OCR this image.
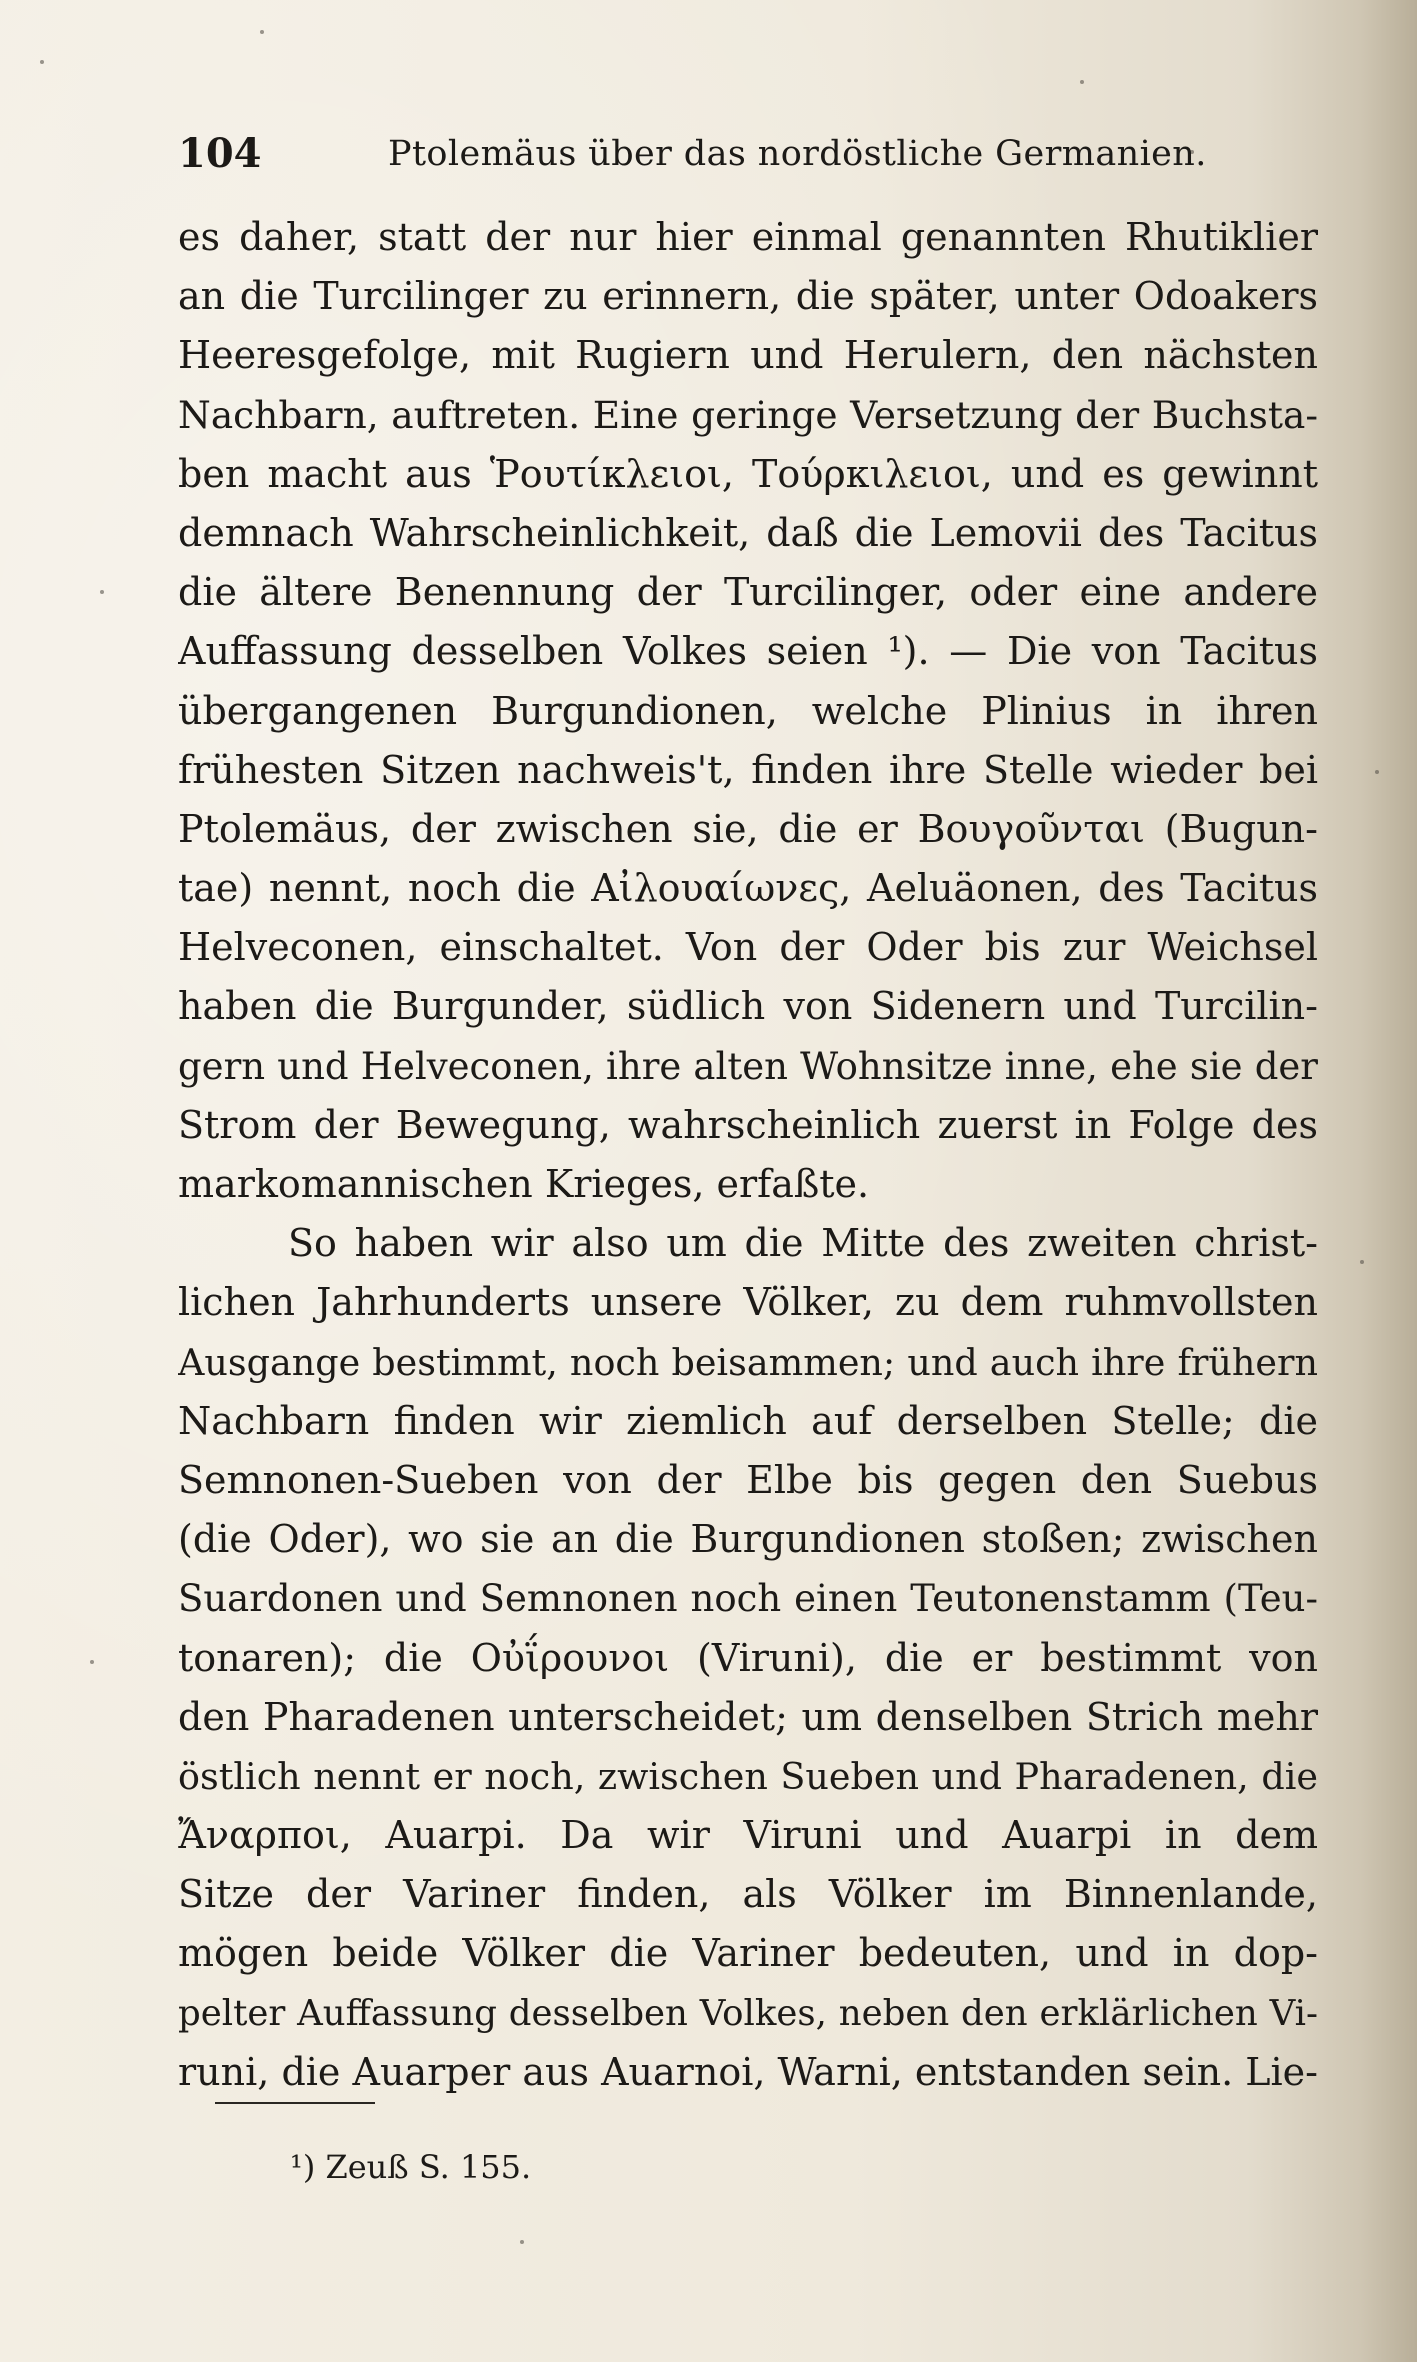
104	Ptolemäus über das nordöstliche Germanien.
es daher, statt der nur hier einmal genannten Rhutiklier
an die Turcilinger zu erinnern, die später, unter Odoakers
Heeresgefolge, mit Rugiern und Herulern, den nächsten
Nachbarn, auftreten. Eine geringe Versetzung der Buchsta-
ben macht aus Ῥουτίκλειοι, Τούρκιλειοι, und es gewinnt
demnach Wahrscheinlichkeit, daß die Lemovii des Tacitus
die ältere Benennung der Turcilinger, oder eine andere
Auffassung desselben Volkes seien ¹). — Die von Tacitus
übergangenen Burgundionen, welche Plinius in ihren
frühesten Sitzen nachweis't, finden ihre Stelle wieder bei
Ptolemäus, der zwischen sie, die er Βουγοῦνται (Bugun-
tae) nennt, noch die Αἰλουαίωνες, Aeluäonen, des Tacitus
Helveconen, einschaltet. Von der Oder bis zur Weichsel
haben die Burgunder, südlich von Sidenern und Turcilin-
gern und Helveconen, ihre alten Wohnsitze inne, ehe sie der
Strom der Bewegung, wahrscheinlich zuerst in Folge des
markomannischen Krieges, erfaßte.
So haben wir also um die Mitte des zweiten christ-
lichen Jahrhunderts unsere Völker, zu dem ruhmvollsten
Ausgange bestimmt, noch beisammen; und auch ihre frühern
Nachbarn finden wir ziemlich auf derselben Stelle; die
Semnonen-Sueben von der Elbe bis gegen den Suebus
(die Oder), wo sie an die Burgundionen stoßen; zwischen
Suardonen und Semnonen noch einen Teutonenstamm (Teu-
tonaren); die Οὐΐρουνοι (Viruni), die er bestimmt von
den Pharadenen unterscheidet; um denselben Strich mehr
östlich nennt er noch, zwischen Sueben und Pharadenen, die
Ἄναρποι, Auarpi. Da wir Viruni und Auarpi in dem
Sitze der Variner finden, als Völker im Binnenlande,
mögen beide Völker die Variner bedeuten, und in dop-
pelter Auffassung desselben Volkes, neben den erklärlichen Vi-
runi, die Auarper aus Auarnoi, Warni, entstanden sein. Lie-
¹) Zeuß S. 155.
